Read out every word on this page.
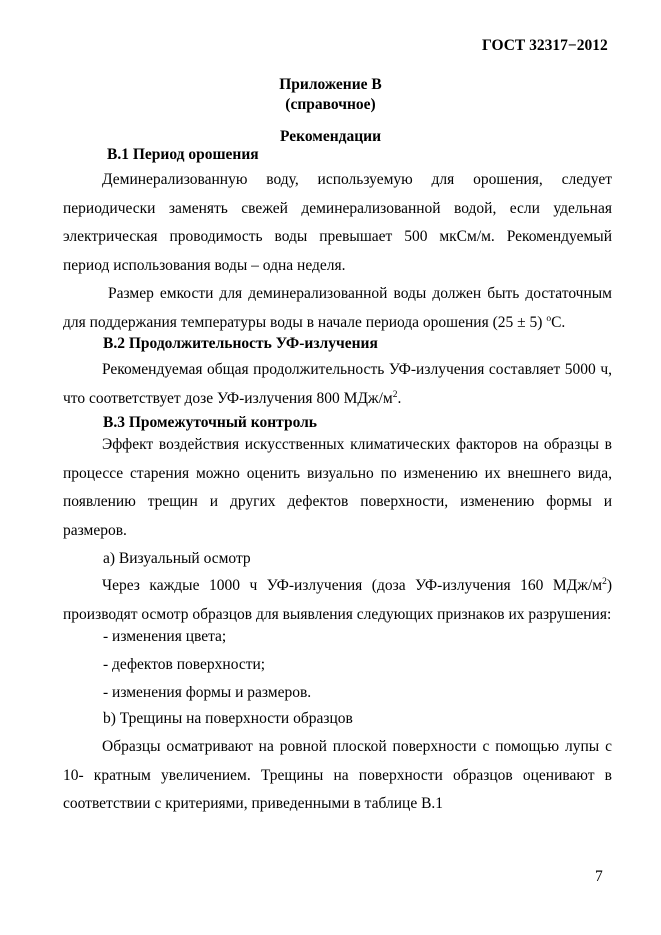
ГОСТ 32317−2012
Приложение В
(справочное)
Рекомендации
В.1 Период орошения
Деминерализованную воду, используемую для орошения, следует периодически заменять свежей деминерализованной водой, если удельная электрическая проводимость воды превышает 500 мкСм/м. Рекомендуемый период использования воды – одна неделя.
Размер емкости для деминерализованной воды должен быть достаточным для поддержания температуры воды в начале периода орошения (25 ± 5) $^o$С.
В.2 Продолжительность УФ-излучения
Рекомендуемая общая продолжительность УФ-излучения составляет 5000 ч, что соответствует дозе УФ-излучения 800 МДж/$м^2$.
В.3 Промежуточный контроль
Эффект воздействия искусственных климатических факторов на образцы в процессе старения можно оценить визуально по изменению их внешнего вида, появлению трещин и других дефектов поверхности, изменению формы и размеров.
a) Визуальный осмотр
Через каждые 1000 ч УФ-излучения (доза УФ-излучения 160 МДж/$м^2$) производят осмотр образцов для выявления следующих признаков их разрушения:
- изменения цвета;
- дефектов поверхности;
- изменения формы и размеров.
b) Трещины на поверхности образцов
Образцы осматривают на ровной плоской поверхности с помощью лупы с 10- кратным увеличением. Трещины на поверхности образцов оценивают в соответствии с критериями, приведенными в таблице В.1
7
